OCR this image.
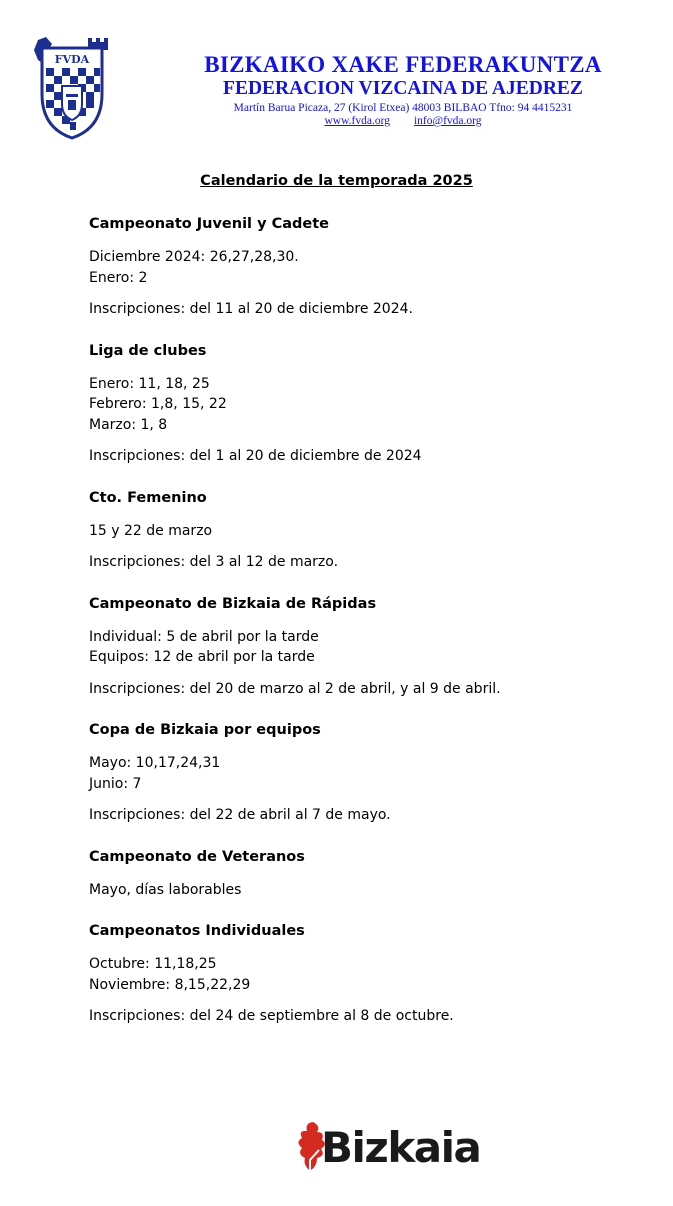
FVDA	BIZKAIKO XAKE FEDERAKUNTZA
FEDERACION VIZCAINA DE AJEDREZ
Martín Barua Picaza, 27 (Kirol Etxea) 48003 BILBAO Tfno: 94 4415231
www.fvda.org info@fvda.org
Calendario de la temporada 2025
Campeonato Juvenil y Cadete
Diciembre 2024: 26,27,28,30.
Enero: 2
Inscripciones: del 11 al 20 de diciembre 2024.
Liga de clubes
Enero: 11, 18, 25
Febrero: 1,8, 15, 22
Marzo: 1, 8
Inscripciones: del 1 al 20 de diciembre de 2024
Cto. Femenino
15 y 22 de marzo
Inscripciones: del 3 al 12 de marzo.
Campeonato de Bizkaia de Rápidas
Individual: 5 de abril por la tarde
Equipos: 12 de abril por la tarde
Inscripciones: del 20 de marzo al 2 de abril, y al 9 de abril.
Copa de Bizkaia por equipos
Mayo: 10,17,24,31
Junio: 7
Inscripciones: del 22 de abril al 7 de mayo.
Campeonato de Veteranos
Mayo, días laborables
Campeonatos Individuales
Octubre: 11,18,25
Noviembre: 8,15,22,29
Inscripciones: del 24 de septiembre al 8 de octubre.
Bizkaia
